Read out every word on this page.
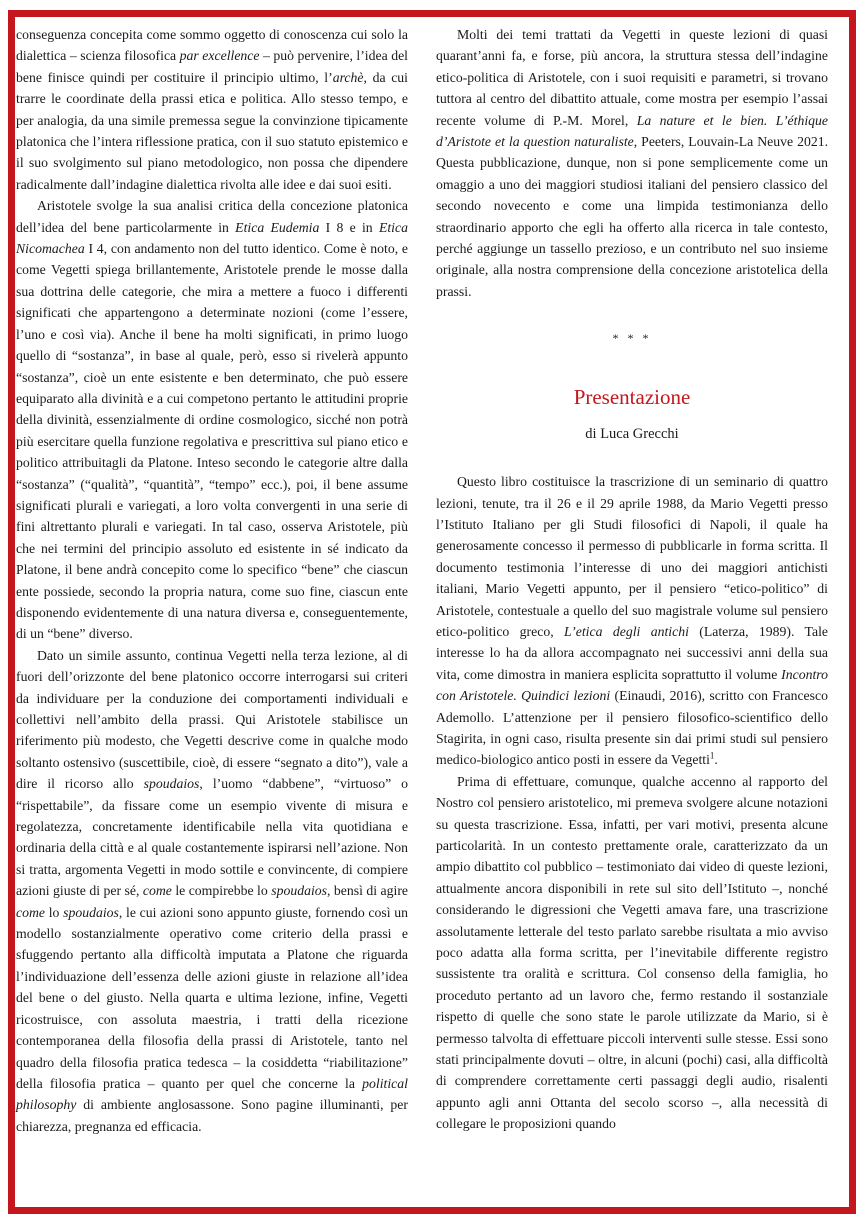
conseguenza concepita come sommo oggetto di conoscenza cui solo la dialettica – scienza filosofica par excellence – può pervenire, l’idea del bene finisce quindi per costituire il principio ultimo, l’archè, da cui trarre le coordinate della prassi etica e politica. Allo stesso tempo, e per analogia, da una simile premessa segue la convinzione tipicamente platonica che l’intera riflessione pratica, con il suo statuto epistemico e il suo svolgimento sul piano metodologico, non possa che dipendere radicalmente dall’indagine dialettica rivolta alle idee e dai suoi esiti.

Aristotele svolge la sua analisi critica della concezione platonica dell’idea del bene particolarmente in Etica Eudemia I 8 e in Etica Nicomachea I 4, con andamento non del tutto identico. Come è noto, e come Vegetti spiega brillantemente, Aristotele prende le mosse dalla sua dottrina delle categorie, che mira a mettere a fuoco i differenti significati che appartengono a determinate nozioni (come l’essere, l’uno e così via). Anche il bene ha molti significati, in primo luogo quello di “sostanza”, in base al quale, però, esso si rivelerà appunto “sostanza”, cioè un ente esistente e ben determinato, che può essere equiparato alla divinità e a cui competono pertanto le attitudini proprie della divinità, essenzialmente di ordine cosmologico, sicché non potrà più esercitare quella funzione regolativa e prescrittiva sul piano etico e politico attribuitagli da Platone. Inteso secondo le categorie altre dalla “sostanza” (“qualità”, “quantità”, “tempo” ecc.), poi, il bene assume significati plurali e variegati, a loro volta convergenti in una serie di fini altrettanto plurali e variegati. In tal caso, osserva Aristotele, più che nei termini del principio assoluto ed esistente in sé indicato da Platone, il bene andrà concepito come lo specifico “bene” che ciascun ente possiede, secondo la propria natura, come suo fine, ciascun ente disponendo evidentemente di una natura diversa e, conseguentemente, di un “bene” diverso.

Dato un simile assunto, continua Vegetti nella terza lezione, al di fuori dell’orizzonte del bene platonico occorre interrogarsi sui criteri da individuare per la conduzione dei comportamenti individuali e collettivi nell’ambito della prassi. Qui Aristotele stabilisce un riferimento più modesto, che Vegetti descrive come in qualche modo soltanto ostensivo (suscettibile, cioè, di essere “segnato a dito”), vale a dire il ricorso allo spoudaios, l’uomo “dabbene”, “virtuoso” o “rispettabile”, da fissare come un esempio vivente di misura e regolatezza, concretamente identificabile nella vita quotidiana e ordinaria della città e al quale costantemente ispirarsi nell’azione. Non si tratta, argomenta Vegetti in modo sottile e convincente, di compiere azioni giuste di per sé, come le compirebbe lo spoudaios, bensì di agire come lo spoudaios, le cui azioni sono appunto giuste, fornendo così un modello sostanzialmente operativo come criterio della prassi e sfuggendo pertanto alla difficoltà imputata a Platone che riguarda l’individuazione dell’essenza delle azioni giuste in relazione all’idea del bene o del giusto. Nella quarta e ultima lezione, infine, Vegetti ricostruisce, con assoluta maestria, i tratti della ricezione contemporanea della filosofia della prassi di Aristotele, tanto nel quadro della filosofia pratica tedesca – la cosiddetta “riabilitazione” della filosofia pratica – quanto per quel che concerne la political philosophy di ambiente anglosassone. Sono pagine illuminanti, per chiarezza, pregnanza ed efficacia.

Molti dei temi trattati da Vegetti in queste lezioni di quasi quarant’anni fa, e forse, più ancora, la struttura stessa dell’indagine etico-politica di Aristotele, con i suoi requisiti e parametri, si trovano tuttora al centro del dibattito attuale, come mostra per esempio l’assai recente volume di P.-M. Morel, La nature et le bien. L’éthique d’Aristote et la question naturaliste, Peeters, Louvain-La Neuve 2021. Questa pubblicazione, dunque, non si pone semplicemente come un omaggio a uno dei maggiori studiosi italiani del pensiero classico del secondo novecento e come una limpida testimonianza dello straordinario apporto che egli ha offerto alla ricerca in tale contesto, perché aggiunge un tassello prezioso, e un contributo nel suo insieme originale, alla nostra comprensione della concezione aristotelica della prassi.

* * *
Presentazione
di Luca Grecchi

Questo libro costituisce la trascrizione di un seminario di quattro lezioni, tenute, tra il 26 e il 29 aprile 1988, da Mario Vegetti presso l’Istituto Italiano per gli Studi filosofici di Napoli, il quale ha generosamente concesso il permesso di pubblicarle in forma scritta. Il documento testimonia l’interesse di uno dei maggiori antichisti italiani, Mario Vegetti appunto, per il pensiero “etico-politico” di Aristotele, contestuale a quello del suo magistrale volume sul pensiero etico-politico greco, L’etica degli antichi (Laterza, 1989). Tale interesse lo ha da allora accompagnato nei successivi anni della sua vita, come dimostra in maniera esplicita soprattutto il volume Incontro con Aristotele. Quindici lezioni (Einaudi, 2016), scritto con Francesco Ademollo. L’attenzione per il pensiero filosofico-scientifico dello Stagirita, in ogni caso, risulta presente sin dai primi studi sul pensiero medico-biologico antico posti in essere da Vegetti$^1$.

Prima di effettuare, comunque, qualche accenno al rapporto del Nostro col pensiero aristotelico, mi premeva svolgere alcune notazioni su questa trascrizione. Essa, infatti, per vari motivi, presenta alcune particolarità. In un contesto prettamente orale, caratterizzato da un ampio dibattito col pubblico – testimoniato dai video di queste lezioni, attualmente ancora disponibili in rete sul sito dell’Istituto –, nonché considerando le digressioni che Vegetti amava fare, una trascrizione assolutamente letterale del testo parlato sarebbe risultata a mio avviso poco adatta alla forma scritta, per l’inevitabile differente registro sussistente tra oralità e scrittura. Col consenso della famiglia, ho proceduto pertanto ad un lavoro che, fermo restando il sostanziale rispetto di quelle che sono state le parole utilizzate da Mario, si è permesso talvolta di effettuare piccoli interventi sulle stesse. Essi sono stati principalmente dovuti – oltre, in alcuni (pochi) casi, alla difficoltà di comprendere correttamente certi passaggi degli audio, risalenti appunto agli anni Ottanta del secolo scorso –, alla necessità di collegare le proposizioni quando
